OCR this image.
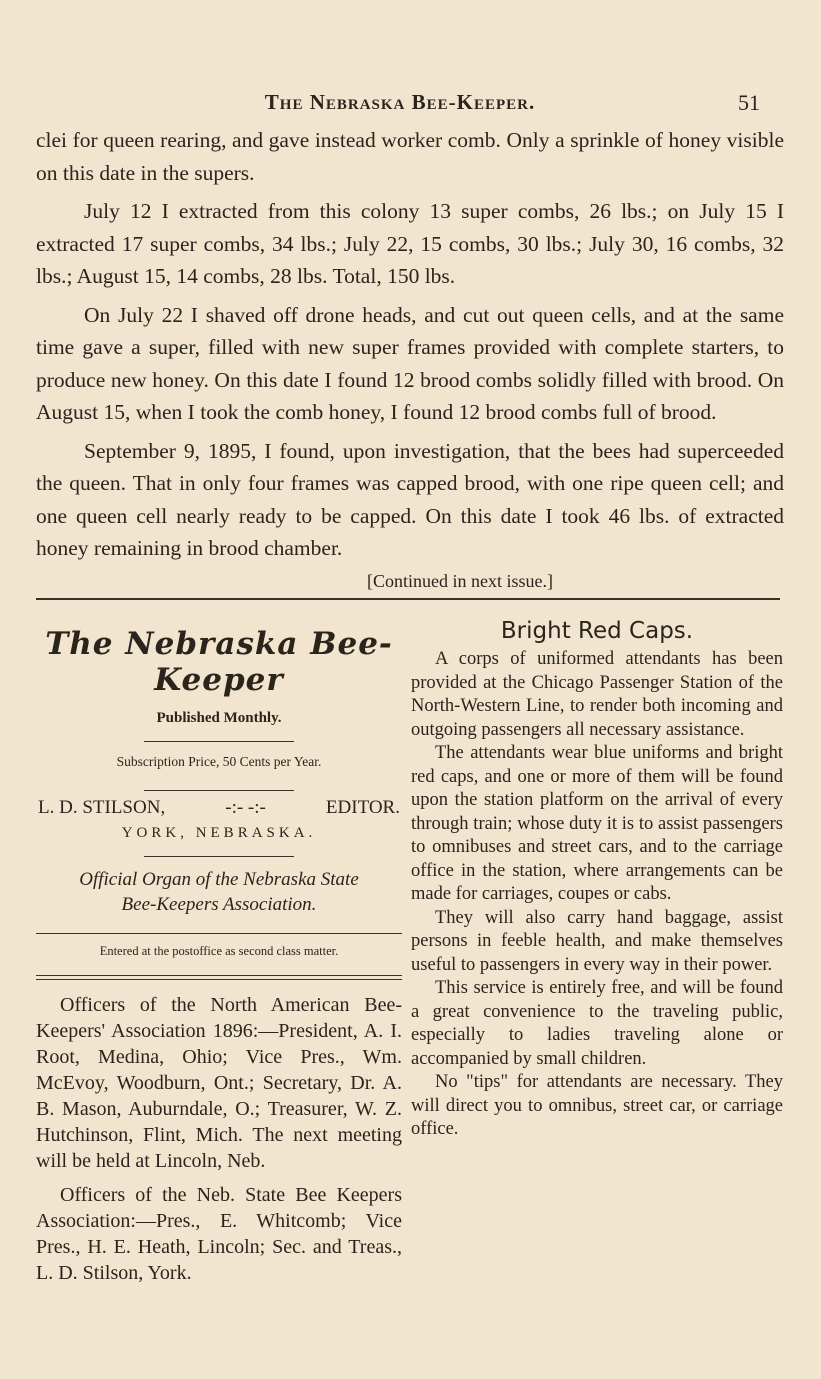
The Nebraska Bee-Keeper.	51

clei for queen rearing, and gave instead worker comb. Only a sprinkle of honey visible on this date in the supers.

July 12 I extracted from this colony 13 super combs, 26 lbs.; on July 15 I extracted 17 super combs, 34 lbs.; July 22, 15 combs, 30 lbs.; July 30, 16 combs, 32 lbs.; August 15, 14 combs, 28 lbs. Total, 150 lbs.

On July 22 I shaved off drone heads, and cut out queen cells, and at the same time gave a super, filled with new super frames provided with complete starters, to produce new honey. On this date I found 12 brood combs solidly filled with brood. On August 15, when I took the comb honey, I found 12 brood combs full of brood.

September 9, 1895, I found, upon investigation, that the bees had superceeded the queen. That in only four frames was capped brood, with one ripe queen cell; and one queen cell nearly ready to be capped. On this date I took 46 lbs. of extracted honey remaining in brood chamber.

[Continued in next issue.]
The Nebraska Bee-Keeper
Published Monthly.
Subscription Price, 50 Cents per Year.
L. D. STILSON,	-:- -:-	EDITOR.
YORK, NEBRASKA.
Official Organ of the Nebraska State
Bee-Keepers Association.
Entered at the postoffice as second class matter.

Officers of the North American Bee-Keepers' Association 1896:—President, A. I. Root, Medina, Ohio; Vice Pres., Wm. McEvoy, Woodburn, Ont.; Secretary, Dr. A. B. Mason, Auburndale, O.; Treasurer, W. Z. Hutchinson, Flint, Mich. The next meeting will be held at Lincoln, Neb.

Officers of the Neb. State Bee Keepers Association:—Pres., E. Whitcomb; Vice Pres., H. E. Heath, Lincoln; Sec. and Treas., L. D. Stilson, York.

Bright Red Caps.

A corps of uniformed attendants has been provided at the Chicago Passenger Station of the North-Western Line, to render both incoming and outgoing passengers all necessary assistance.

The attendants wear blue uniforms and bright red caps, and one or more of them will be found upon the station platform on the arrival of every through train; whose duty it is to assist passengers to omnibuses and street cars, and to the carriage office in the station, where arrangements can be made for carriages, coupes or cabs.

They will also carry hand baggage, assist persons in feeble health, and make themselves useful to passengers in every way in their power.

This service is entirely free, and will be found a great convenience to the traveling public, especially to ladies traveling alone or accompanied by small children.

No "tips" for attendants are necessary. They will direct you to omnibus, street car, or carriage office.
